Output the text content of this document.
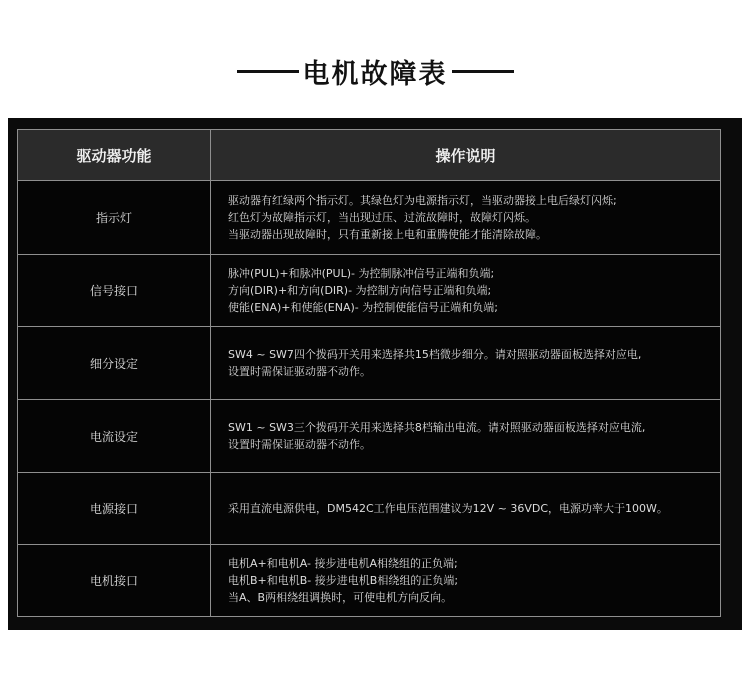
电机故障表
驱动器功能	操作说明
指示灯	驱动器有红绿两个指示灯。其绿色灯为电源指示灯，当驱动器接上电后绿灯闪烁;
红色灯为故障指示灯，当出现过压、过流故障时，故障灯闪烁。
当驱动器出现故障时，只有重新接上电和重腾使能才能清除故障。

信号接口	脉冲(PUL)+和脉冲(PUL)- 为控制脉冲信号正端和负端;
方向(DIR)+和方向(DIR)- 为控制方向信号正端和负端;
使能(ENA)+和使能(ENA)- 为控制使能信号正端和负端;

细分设定	SW4 ~ SW7四个拨码开关用来选择共15档微步细分。请对照驱动器面板选择对应电,
设置时需保证驱动器不动作。

电流设定	SW1 ~ SW3三个拨码开关用来选择共8档输出电流。请对照驱动器面板选择对应电流,
设置时需保证驱动器不动作。

电源接口	采用直流电源供电，DM542C工作电压范围建议为12V ~ 36VDC，电源功率大于100W。

电机接口	电机A+和电机A- 接步进电机A相绕组的正负端;
电机B+和电机B- 接步进电机B相绕组的正负端;
当A、B两相绕组调换时，可使电机方向反向。
